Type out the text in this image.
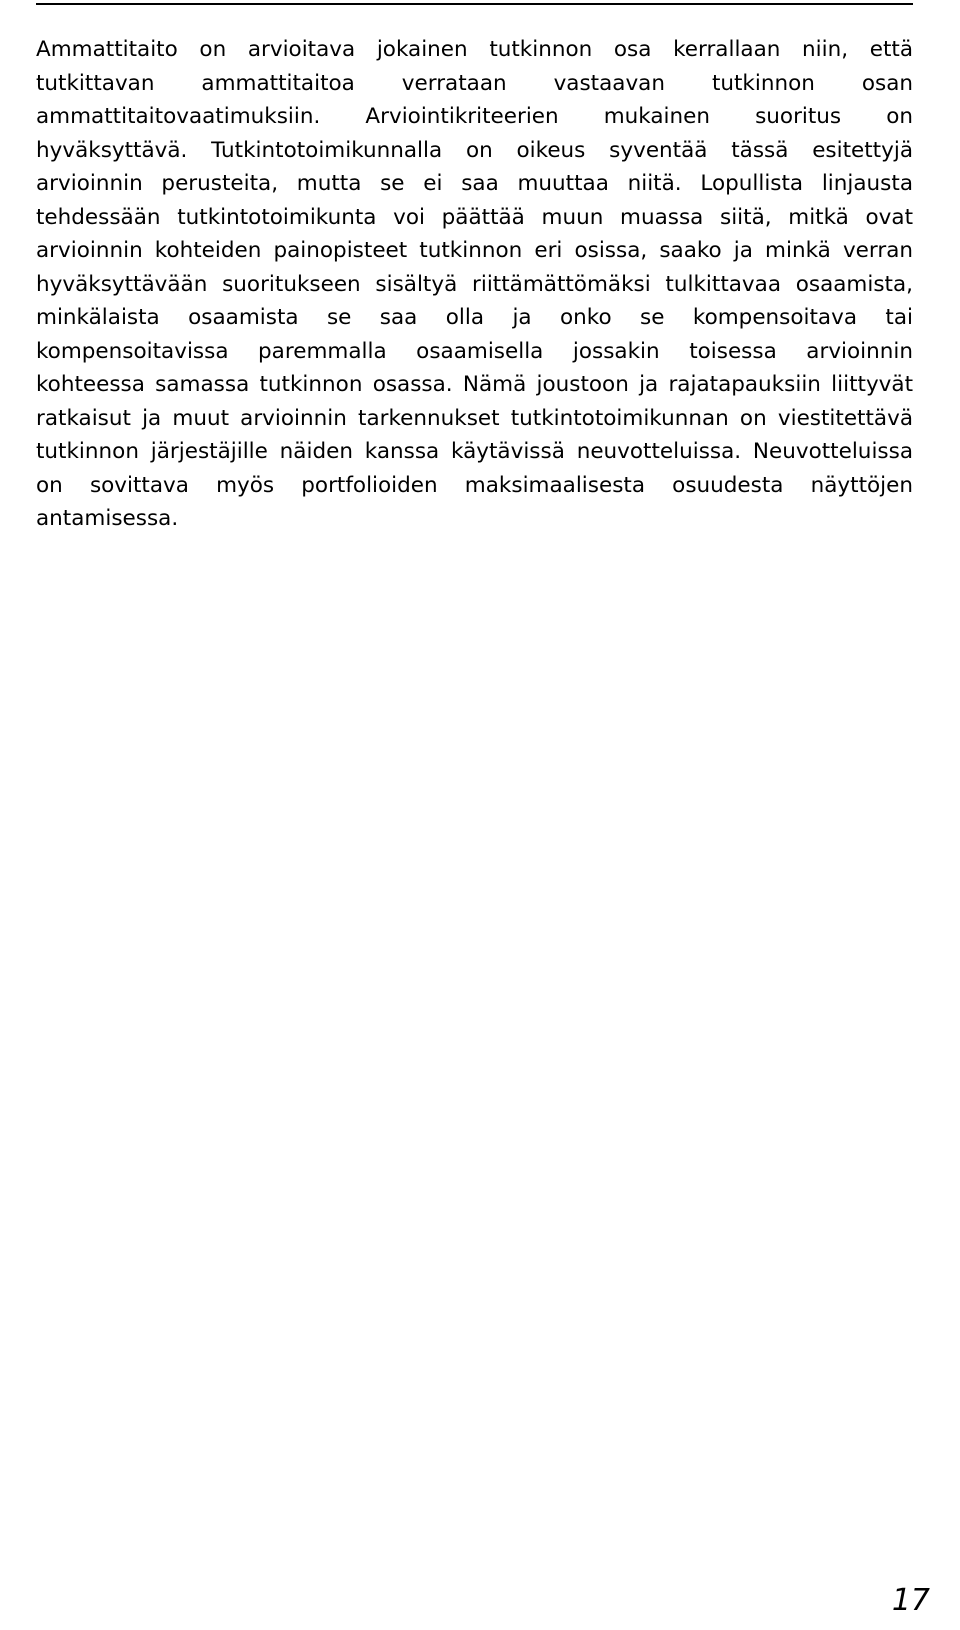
Ammattitaito on arvioitava jokainen tutkinnon osa kerrallaan niin, että tutkittavan ammattitaitoa verrataan vastaavan tutkinnon osan ammattitaitovaatimuksiin. Arviointikriteerien mukainen suoritus on hyväksyttävä. Tutkintotoimikunnalla on oikeus syventää tässä esitettyjä arvioinnin perusteita, mutta se ei saa muuttaa niitä. Lopullista linjausta tehdessään tutkintotoimikunta voi päättää muun muassa siitä, mitkä ovat arvioinnin kohteiden painopisteet tutkinnon eri osissa, saako ja minkä verran hyväksyttävään suoritukseen sisältyä riittämättömäksi tulkittavaa osaamista, minkälaista osaamista se saa olla ja onko se kompensoitava tai kompensoitavissa paremmalla osaamisella jossakin toisessa arvioinnin kohteessa samassa tutkinnon osassa. Nämä joustoon ja rajatapauksiin liittyvät ratkaisut ja muut arvioinnin tarkennukset tutkintotoimikunnan on viestitettävä tutkinnon järjestäjille näiden kanssa käytävissä neuvotteluissa. Neuvotteluissa on sovittava myös portfolioiden maksimaalisesta osuudesta näyttöjen antamisessa.

17
